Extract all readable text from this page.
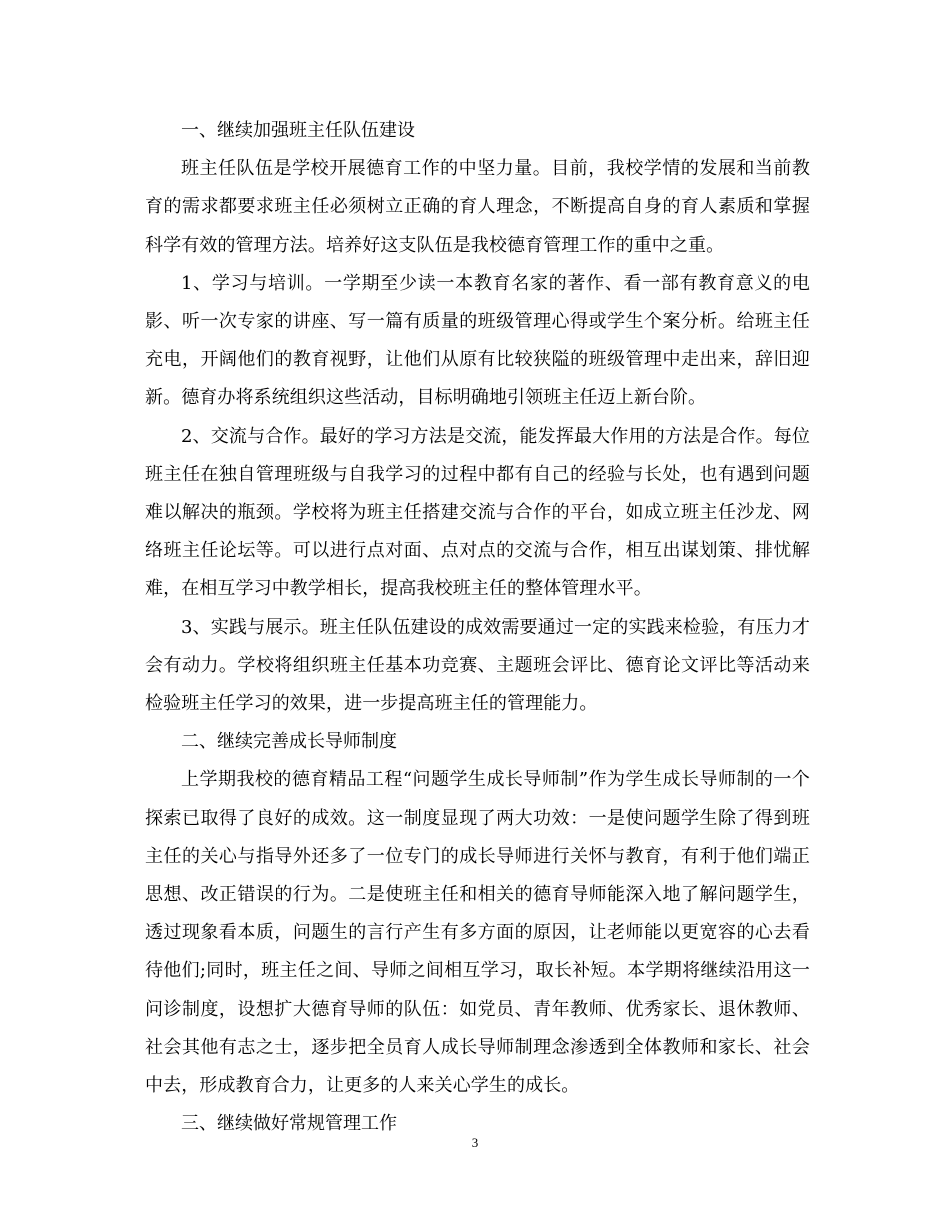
一、继续加强班主任队伍建设

班主任队伍是学校开展德育工作的中坚力量。目前，我校学情的发展和当前教育的需求都要求班主任必须树立正确的育人理念，不断提高自身的育人素质和掌握科学有效的管理方法。培养好这支队伍是我校德育管理工作的重中之重。

1、学习与培训。一学期至少读一本教育名家的著作、看一部有教育意义的电影、听一次专家的讲座、写一篇有质量的班级管理心得或学生个案分析。给班主任充电，开阔他们的教育视野，让他们从原有比较狭隘的班级管理中走出来，辞旧迎新。德育办将系统组织这些活动，目标明确地引领班主任迈上新台阶。

2、交流与合作。最好的学习方法是交流，能发挥最大作用的方法是合作。每位班主任在独自管理班级与自我学习的过程中都有自己的经验与长处，也有遇到问题难以解决的瓶颈。学校将为班主任搭建交流与合作的平台，如成立班主任沙龙、网络班主任论坛等。可以进行点对面、点对点的交流与合作，相互出谋划策、排忧解难，在相互学习中教学相长，提高我校班主任的整体管理水平。

3、实践与展示。班主任队伍建设的成效需要通过一定的实践来检验，有压力才会有动力。学校将组织班主任基本功竞赛、主题班会评比、德育论文评比等活动来检验班主任学习的效果，进一步提高班主任的管理能力。

二、继续完善成长导师制度

上学期我校的德育精品工程“问题学生成长导师制”作为学生成长导师制的一个探索已取得了良好的成效。这一制度显现了两大功效：一是使问题学生除了得到班主任的关心与指导外还多了一位专门的成长导师进行关怀与教育，有利于他们端正思想、改正错误的行为。二是使班主任和相关的德育导师能深入地了解问题学生，透过现象看本质，问题生的言行产生有多方面的原因，让老师能以更宽容的心去看待他们;同时，班主任之间、导师之间相互学习，取长补短。本学期将继续沿用这一问诊制度，设想扩大德育导师的队伍：如党员、青年教师、优秀家长、退休教师、社会其他有志之士，逐步把全员育人成长导师制理念渗透到全体教师和家长、社会中去，形成教育合力，让更多的人来关心学生的成长。

三、继续做好常规管理工作

3
